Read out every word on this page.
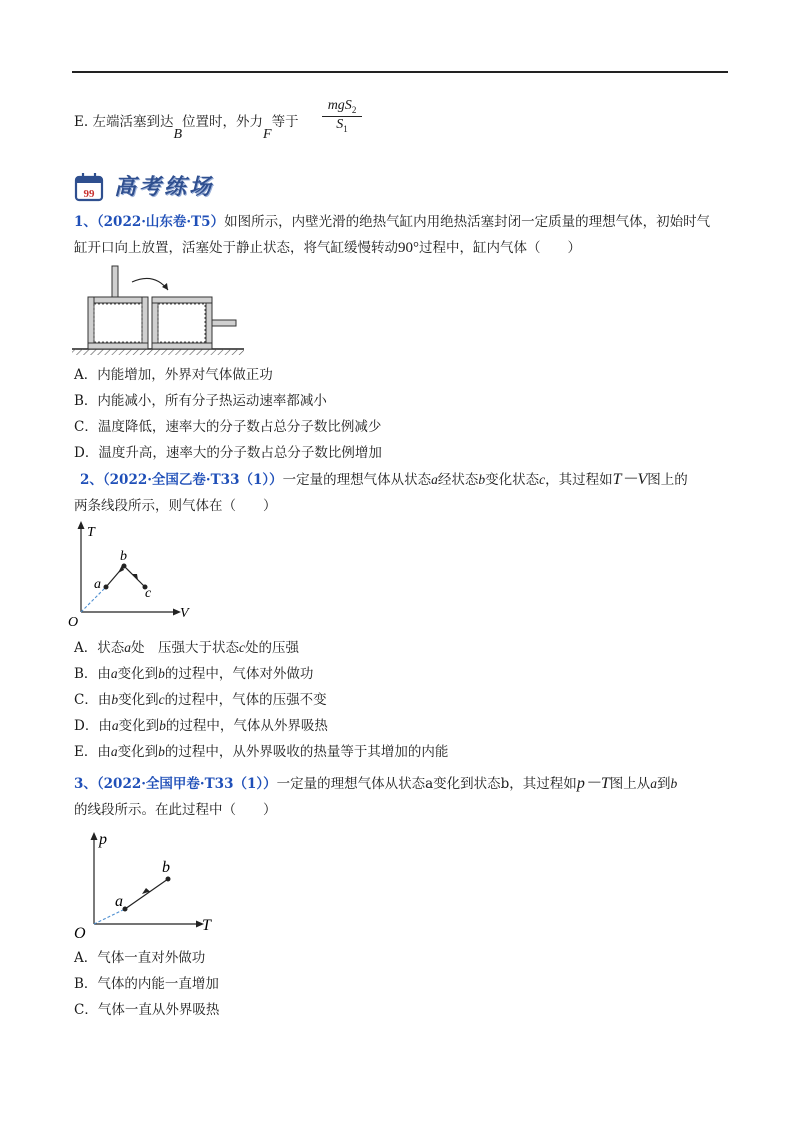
E. 左端活塞到达$_B$位置时，外力$_F$等于
mgS$_2$
$S_1$
99 高考练场
1、（2022·山东卷·T5）如图所示，内壁光滑的绝热气缸内用绝热活塞封闭一定质量的理想气体，初始时气
缸开口向上放置，活塞处于静止状态，将气缸缓慢转动90°过程中，缸内气体（　　）
A．内能增加，外界对气体做正功
B．内能减小，所有分子热运动速率都减小
C．温度降低，速率大的分子数占总分子数比例减少
D．温度升高，速率大的分子数占总分子数比例增加
2、（2022·全国乙卷·T33（1））一定量的理想气体从状态a经状态b变化状态c，其过程如T－V图上的
两条线段所示，则气体在（　　）
T
V
O
a
b
c
A．状态a处　压强大于状态c处的压强
B．由a变化到b的过程中，气体对外做功
C．由b变化到c的过程中，气体的压强不变
D．由a变化到b的过程中，气体从外界吸热
E．由a变化到b的过程中，从外界吸收的热量等于其增加的内能
3、（2022·全国甲卷·T33（1））一定量的理想气体从状态a变化到状态b，其过程如p－T图上从a到b
的线段所示。在此过程中（　　）
p
T
O
a
b
A．气体一直对外做功
B．气体的内能一直增加
C．气体一直从外界吸热
